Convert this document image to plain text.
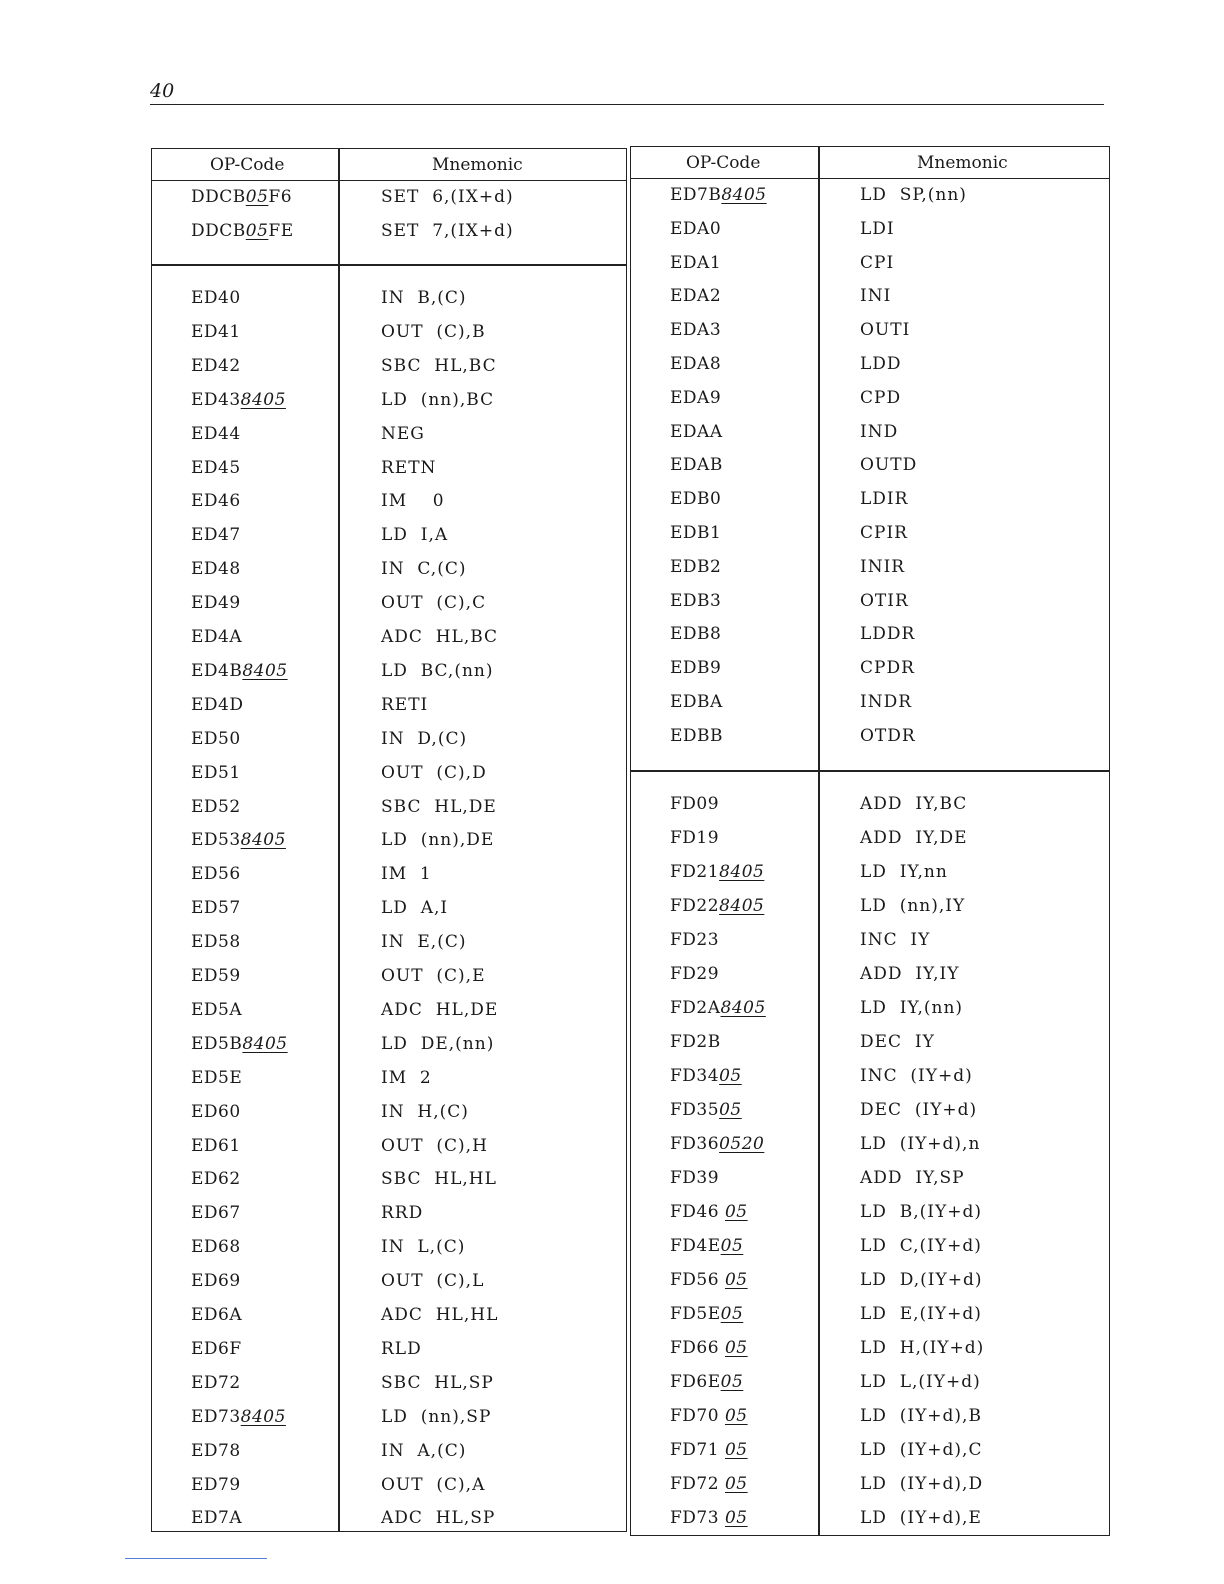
40
OP-Code	Mnemonic
DDCB05F6	SET  6,(IX+d)
DDCB05FE	SET  7,(IX+d)
ED40	IN  B,(C)
ED41	OUT  (C),B
ED42	SBC  HL,BC
ED438405	LD  (nn),BC
ED44	NEG
ED45	RETN
ED46	IM    0
ED47	LD  I,A
ED48	IN  C,(C)
ED49	OUT  (C),C
ED4A	ADC  HL,BC
ED4B8405	LD  BC,(nn)
ED4D	RETI
ED50	IN  D,(C)
ED51	OUT  (C),D
ED52	SBC  HL,DE
ED538405	LD  (nn),DE
ED56	IM  1
ED57	LD  A,I
ED58	IN  E,(C)
ED59	OUT  (C),E
ED5A	ADC  HL,DE
ED5B8405	LD  DE,(nn)
ED5E	IM  2
ED60	IN  H,(C)
ED61	OUT  (C),H
ED62	SBC  HL,HL
ED67	RRD
ED68	IN  L,(C)
ED69	OUT  (C),L
ED6A	ADC  HL,HL
ED6F	RLD
ED72	SBC  HL,SP
ED738405	LD  (nn),SP
ED78	IN  A,(C)
ED79	OUT  (C),A
ED7A	ADC  HL,SP
OP-Code	Mnemonic
ED7B8405	LD  SP,(nn)
EDA0	LDI
EDA1	CPI
EDA2	INI
EDA3	OUTI
EDA8	LDD
EDA9	CPD
EDAA	IND
EDAB	OUTD
EDB0	LDIR
EDB1	CPIR
EDB2	INIR
EDB3	OTIR
EDB8	LDDR
EDB9	CPDR
EDBA	INDR
EDBB	OTDR
FD09	ADD  IY,BC
FD19	ADD  IY,DE
FD218405	LD  IY,nn
FD228405	LD  (nn),IY
FD23	INC  IY
FD29	ADD  IY,IY
FD2A8405	LD  IY,(nn)
FD2B	DEC  IY
FD3405	INC  (IY+d)
FD3505	DEC  (IY+d)
FD360520	LD  (IY+d),n
FD39	ADD  IY,SP
FD46 05	LD  B,(IY+d)
FD4E05	LD  C,(IY+d)
FD56 05	LD  D,(IY+d)
FD5E05	LD  E,(IY+d)
FD66 05	LD  H,(IY+d)
FD6E05	LD  L,(IY+d)
FD70 05	LD  (IY+d),B
FD71 05	LD  (IY+d),C
FD72 05	LD  (IY+d),D
FD73 05	LD  (IY+d),E
